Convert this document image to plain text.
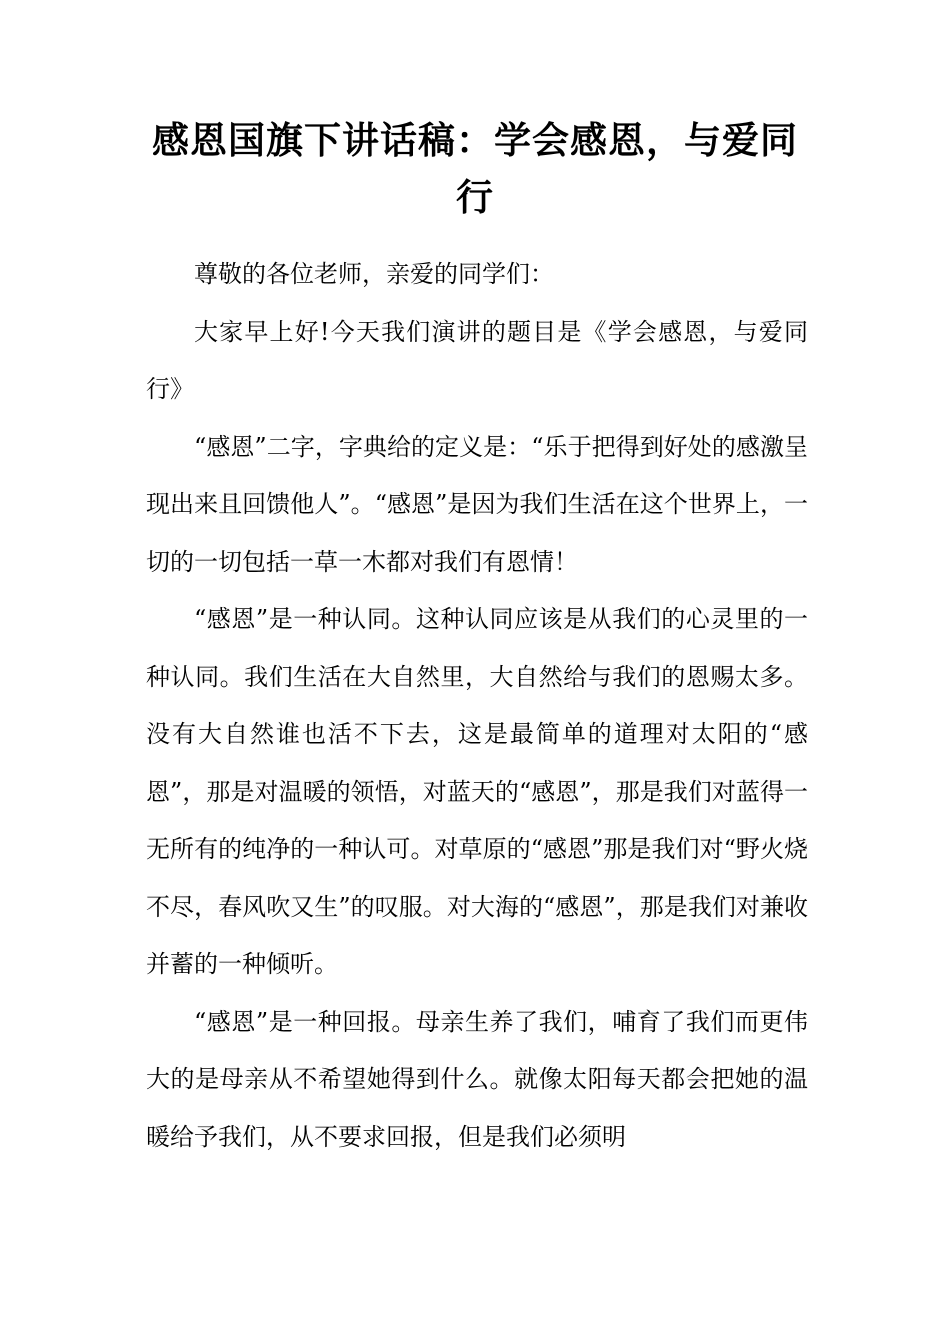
感恩国旗下讲话稿：学会感恩，与爱同行

尊敬的各位老师，亲爱的同学们：

大家早上好!今天我们演讲的题目是《学会感恩，与爱同行》

“感恩”二字，字典给的定义是：“乐于把得到好处的感激呈现出来且回馈他人”。“感恩”是因为我们生活在这个世界上，一切的一切包括一草一木都对我们有恩情！

“感恩”是一种认同。这种认同应该是从我们的心灵里的一种认同。我们生活在大自然里，大自然给与我们的恩赐太多。没有大自然谁也活不下去，这是最简单的道理对太阳的“感恩”，那是对温暖的领悟，对蓝天的“感恩”，那是我们对蓝得一无所有的纯净的一种认可。对草原的“感恩”那是我们对“野火烧不尽，春风吹又生”的叹服。对大海的“感恩”，那是我们对兼收并蓄的一种倾听。

“感恩”是一种回报。母亲生养了我们，哺育了我们而更伟大的是母亲从不希望她得到什么。就像太阳每天都会把她的温暖给予我们，从不要求回报，但是我们必须明
